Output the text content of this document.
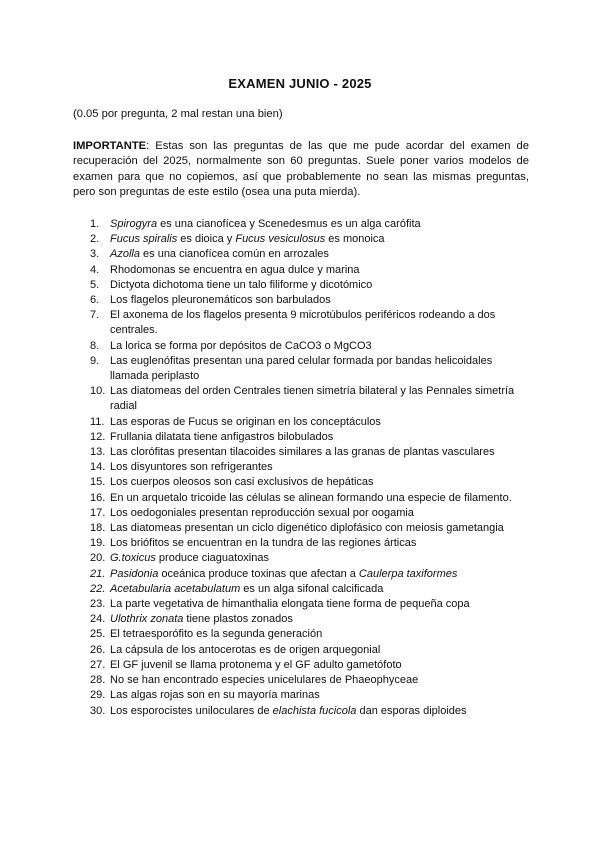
EXAMEN JUNIO - 2025
(0.05 por pregunta, 2 mal restan una bien)
IMPORTANTE: Estas son las preguntas de las que me pude acordar del examen de recuperación del 2025, normalmente son 60 preguntas. Suele poner varios modelos de examen para que no copiemos, así que probablemente no sean las mismas preguntas, pero son preguntas de este estilo (osea una puta mierda).
1. Spirogyra es una cianofícea y Scenedesmus es un alga carófita
2. Fucus spiralis es dioica y Fucus vesiculosus es monoica
3. Azolla es una cianofícea común en arrozales
4. Rhodomonas se encuentra en agua dulce y marina
5. Dictyota dichotoma tiene un talo filiforme y dicotómico
6. Los flagelos pleuronemáticos son barbulados
7. El axonema de los flagelos presenta 9 microtúbulos periféricos rodeando a dos centrales.
8. La lorica se forma por depósitos de CaCO3 o MgCO3
9. Las euglenófitas presentan una pared celular formada por bandas helicoidales llamada periplasto
10. Las diatomeas del orden Centrales tienen simetría bilateral y las Pennales simetría radial
11. Las esporas de Fucus se originan en los conceptáculos
12. Frullania dilatata tiene anfigastros bilobulados
13. Las clorófitas presentan tilacoides similares a las granas de plantas vasculares
14. Los disyuntores son refrigerantes
15. Los cuerpos oleosos son casi exclusivos de hepáticas
16. En un arquetalo tricoide las células se alinean formando una especie de filamento.
17. Los oedogoniales presentan reproducción sexual por oogamia
18. Las diatomeas presentan un ciclo digenético diplofásico con meiosis gametangia
19. Los briófitos se encuentran en la tundra de las regiones árticas
20. G.toxicus produce ciaguatoxinas
21. Pasidonia oceánica produce toxinas que afectan a Caulerpa taxiformes
22. Acetabularia acetabulatum es un alga sifonal calcificada
23. La parte vegetativa de himanthalia elongata tiene forma de pequeña copa
24. Ulothrix zonata tiene plastos zonados
25. El tetraesporófito es la segunda generación
26. La cápsula de los antocerotas es de origen arquegonial
27. El GF juvenil se llama protonema y el GF adulto gametófoto
28. No se han encontrado especies unicelulares de Phaeophyceae
29. Las algas rojas son en su mayoría marinas
30. Los esporocistes uniloculares de elachista fucicola dan esporas diploides
